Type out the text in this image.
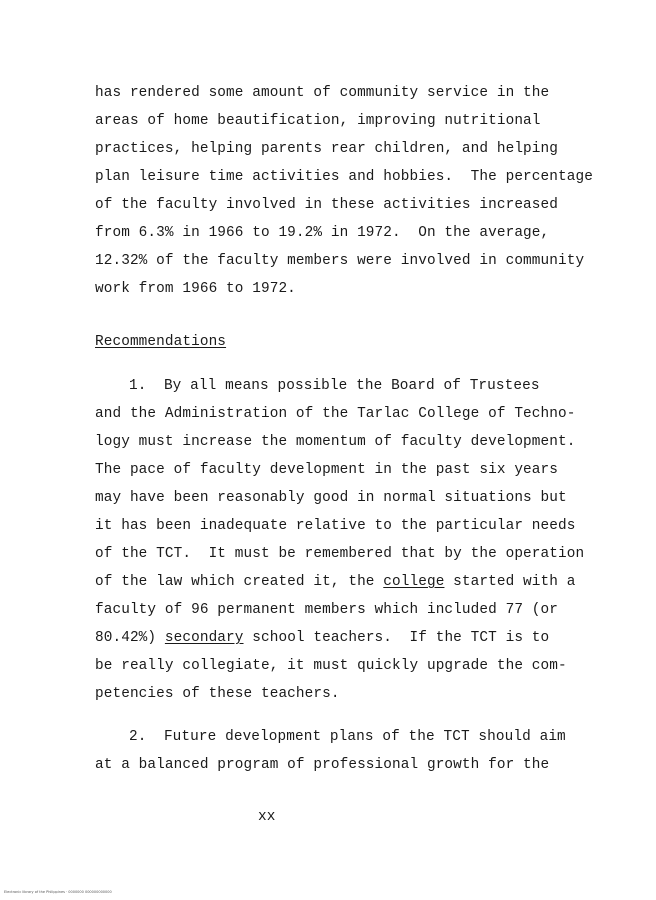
has rendered some amount of community service in the
areas of home beautification, improving nutritional
practices, helping parents rear children, and helping
plan leisure time activities and hobbies.  The percentage
of the faculty involved in these activities increased
from 6.3% in 1966 to 19.2% in 1972.  On the average,
12.32% of the faculty members were involved in community
work from 1966 to 1972.
Recommendations
1.  By all means possible the Board of Trustees
and the Administration of the Tarlac College of Techno-
logy must increase the momentum of faculty development.
The pace of faculty development in the past six years
may have been reasonably good in normal situations but
it has been inadequate relative to the particular needs
of the TCT.  It must be remembered that by the operation
of the law which created it, the college started with a
faculty of 96 permanent members which included 77 (or
80.42%) secondary school teachers.  If the TCT is to
be really collegiate, it must quickly upgrade the com-
petencies of these teachers.
2.  Future development plans of the TCT should aim
at a balanced program of professional growth for the
xx
Electronic library of the Philippines · 0000000 000000000000
